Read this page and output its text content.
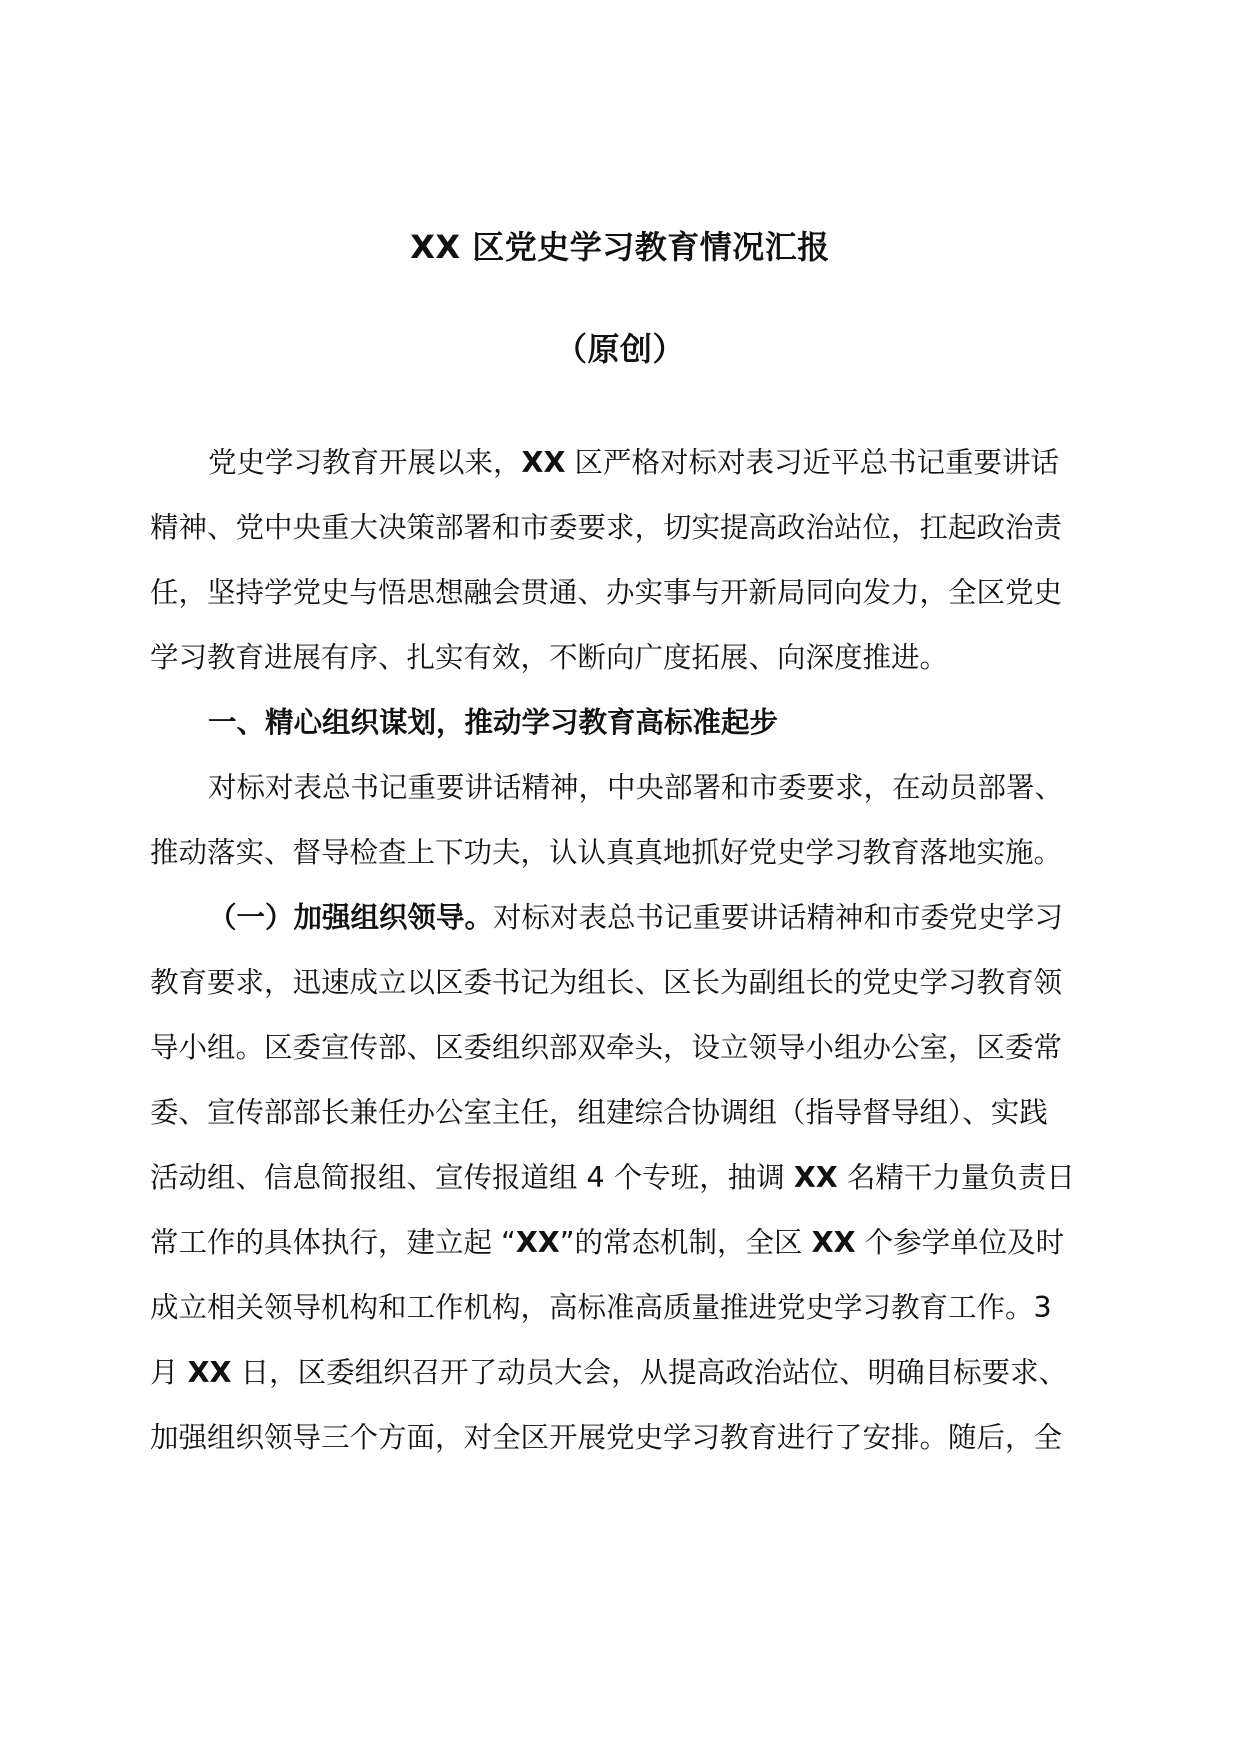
XX 区党史学习教育情况汇报
（原创）
党史学习教育开展以来，XX 区严格对标对表习近平总书记重要讲话
精神、党中央重大决策部署和市委要求，切实提高政治站位，扛起政治责
任，坚持学党史与悟思想融会贯通、办实事与开新局同向发力，全区党史
学习教育进展有序、扎实有效，不断向广度拓展、向深度推进。
一、精心组织谋划，推动学习教育高标准起步
对标对表总书记重要讲话精神，中央部署和市委要求，在动员部署、
推动落实、督导检查上下功夫，认认真真地抓好党史学习教育落地实施。
（一）加强组织领导。对标对表总书记重要讲话精神和市委党史学习
教育要求，迅速成立以区委书记为组长、区长为副组长的党史学习教育领
导小组。区委宣传部、区委组织部双牵头，设立领导小组办公室，区委常
委、宣传部部长兼任办公室主任，组建综合协调组（指导督导组）、实践
活动组、信息简报组、宣传报道组 4 个专班，抽调 XX 名精干力量负责日
常工作的具体执行，建立起 “XX”的常态机制，全区 XX 个参学单位及时
成立相关领导机构和工作机构，高标准高质量推进党史学习教育工作。3
月 XX 日，区委组织召开了动员大会，从提高政治站位、明确目标要求、
加强组织领导三个方面，对全区开展党史学习教育进行了安排。随后，全
